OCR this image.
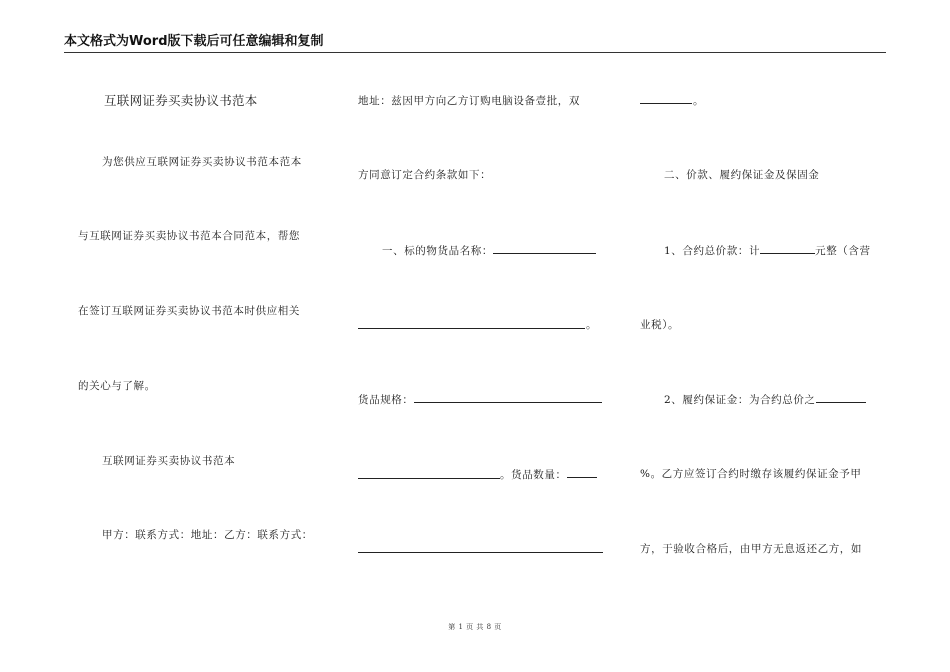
本文格式为Word版下载后可任意编辑和复制
互联网证券买卖协议书范本
为您供应互联网证券买卖协议书范本范本
与互联网证券买卖协议书范本合同范本，帮您
在签订互联网证券买卖协议书范本时供应相关
的关心与了解。
互联网证券买卖协议书范本
甲方：联系方式：地址：乙方：联系方式：
地址：兹因甲方向乙方订购电脑设备壹批，双
方同意订定合约条款如下：
一、标的物货品名称：
。
货品规格：
。货品数量：
。
二、价款、履约保证金及保固金
1、合约总价款：计	元整（含营
业税）。
2、履约保证金：为合约总价之
%。乙方应签订合约时缴存该履约保证金予甲
方，于验收合格后，由甲方无息返还乙方，如
第 1 页 共 8 页
